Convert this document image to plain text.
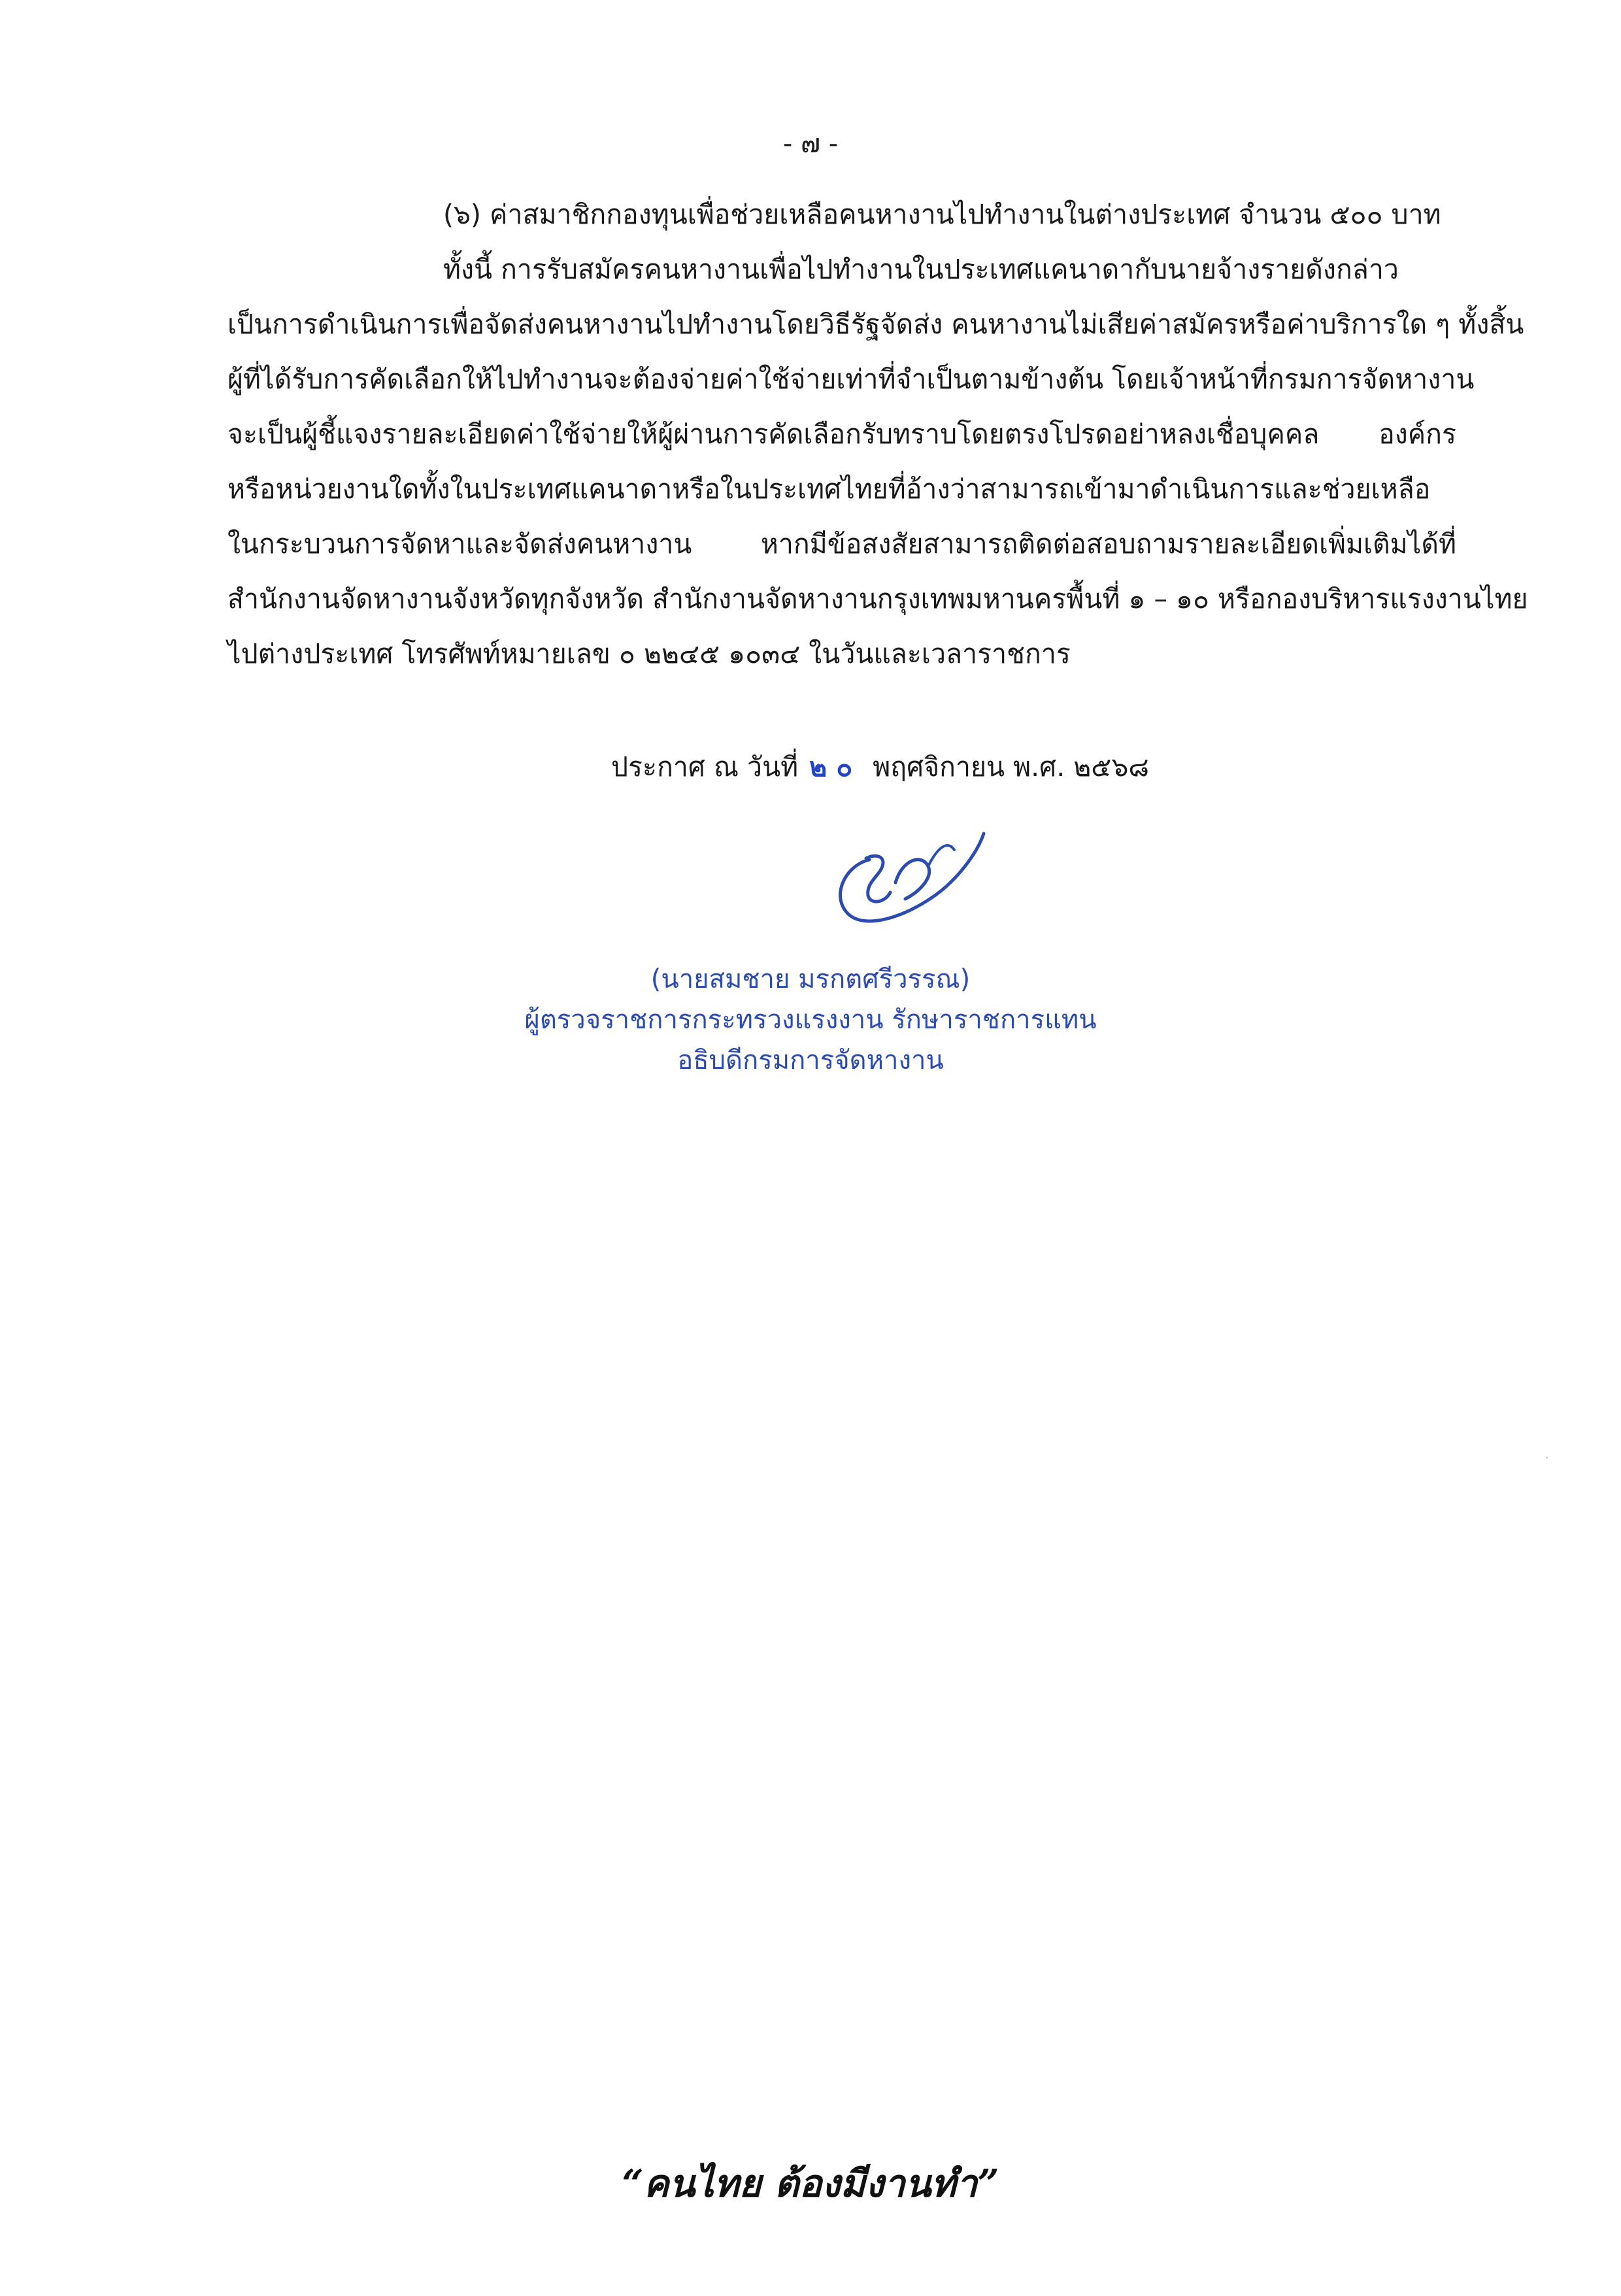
- ๗ -
(๖) ค่าสมาชิกกองทุนเพื่อช่วยเหลือคนหางานไปทำงานในต่างประเทศ จำนวน ๕๐๐ บาท
ทั้งนี้ การรับสมัครคนหางานเพื่อไปทำงานในประเทศแคนาดากับนายจ้างรายดังกล่าว
เป็นการดำเนินการเพื่อจัดส่งคนหางานไปทำงานโดยวิธีรัฐจัดส่ง คนหางานไม่เสียค่าสมัครหรือค่าบริการใด ๆ ทั้งสิ้น
ผู้ที่ได้รับการคัดเลือกให้ไปทำงานจะต้องจ่ายค่าใช้จ่ายเท่าที่จำเป็นตามข้างต้น โดยเจ้าหน้าที่กรมการจัดหางาน
จะเป็นผู้ชี้แจงรายละเอียดค่าใช้จ่ายให้ผู้ผ่านการคัดเลือกรับทราบโดยตรงโปรดอย่าหลงเชื่อบุคคล องค์กร
หรือหน่วยงานใดทั้งในประเทศแคนาดาหรือในประเทศไทยที่อ้างว่าสามารถเข้ามาดำเนินการและช่วยเหลือ
ในกระบวนการจัดหาและจัดส่งคนหางาน หากมีข้อสงสัยสามารถติดต่อสอบถามรายละเอียดเพิ่มเติมได้ที่
สำนักงานจัดหางานจังหวัดทุกจังหวัด สำนักงานจัดหางานกรุงเทพมหานครพื้นที่ ๑ – ๑๐ หรือกองบริหารแรงงานไทย
ไปต่างประเทศ โทรศัพท์หมายเลข ๐ ๒๒๔๕ ๑๐๓๔ ในวันและเวลาราชการ
ประกาศ ณ วันที่ ๒๐ พฤศจิกายน พ.ศ. ๒๕๖๘
(นายสมชาย มรกตศรีวรรณ)
ผู้ตรวจราชการกระทรวงแรงงาน รักษาราชการแทน
อธิบดีกรมการจัดหางาน
“คนไทย ต้องมีงานทำ”
